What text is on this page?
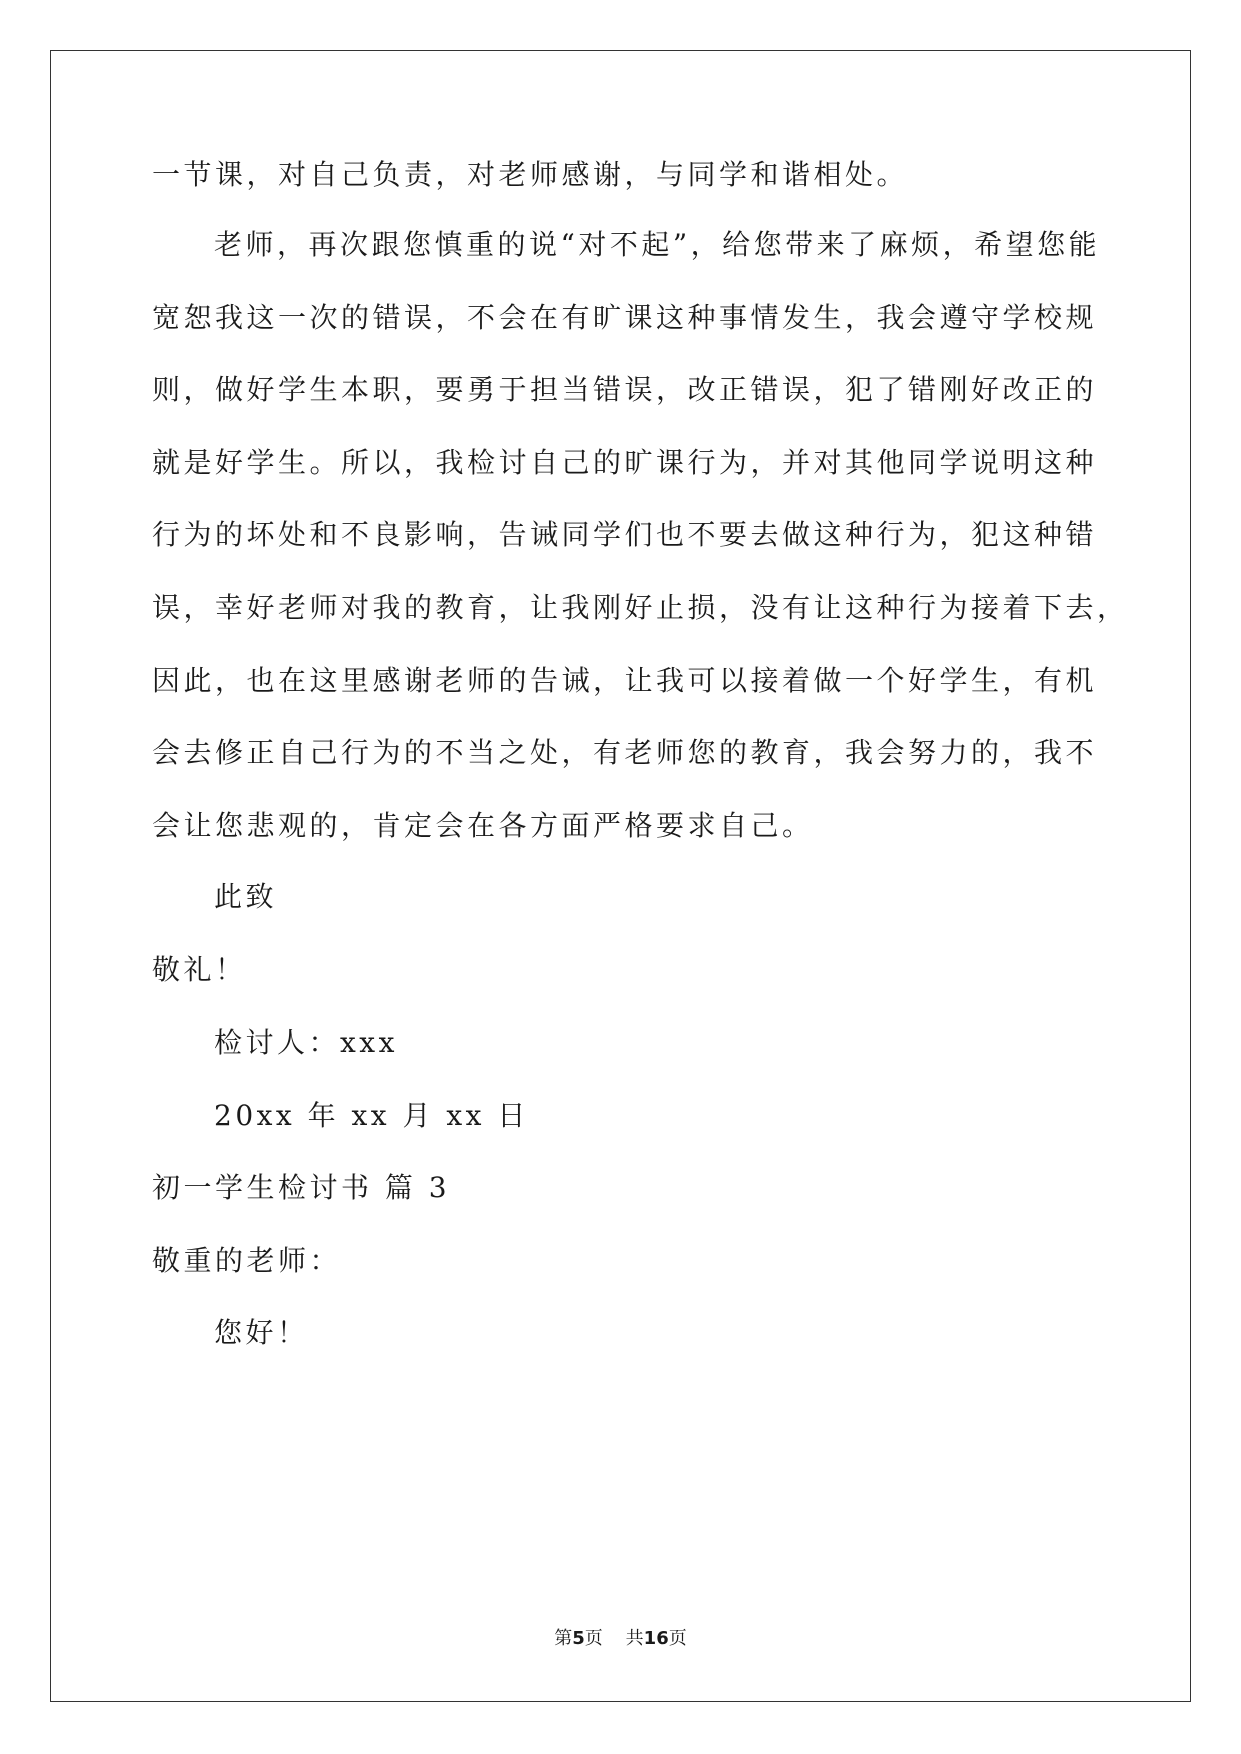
一节课，对自己负责，对老师感谢，与同学和谐相处。
老师，再次跟您慎重的说“对不起”，给您带来了麻烦，希望您能
宽恕我这一次的错误，不会在有旷课这种事情发生，我会遵守学校规
则，做好学生本职，要勇于担当错误，改正错误，犯了错刚好改正的
就是好学生。所以，我检讨自己的旷课行为，并对其他同学说明这种
行为的坏处和不良影响，告诫同学们也不要去做这种行为，犯这种错
误，幸好老师对我的教育，让我刚好止损，没有让这种行为接着下去，
因此，也在这里感谢老师的告诫，让我可以接着做一个好学生，有机
会去修正自己行为的不当之处，有老师您的教育，我会努力的，我不
会让您悲观的，肯定会在各方面严格要求自己。
此致
敬礼！
检讨人：xxx
20xx 年 xx 月 xx 日
初一学生检讨书 篇 3
敬重的老师：
您好！
第5页 共16页
